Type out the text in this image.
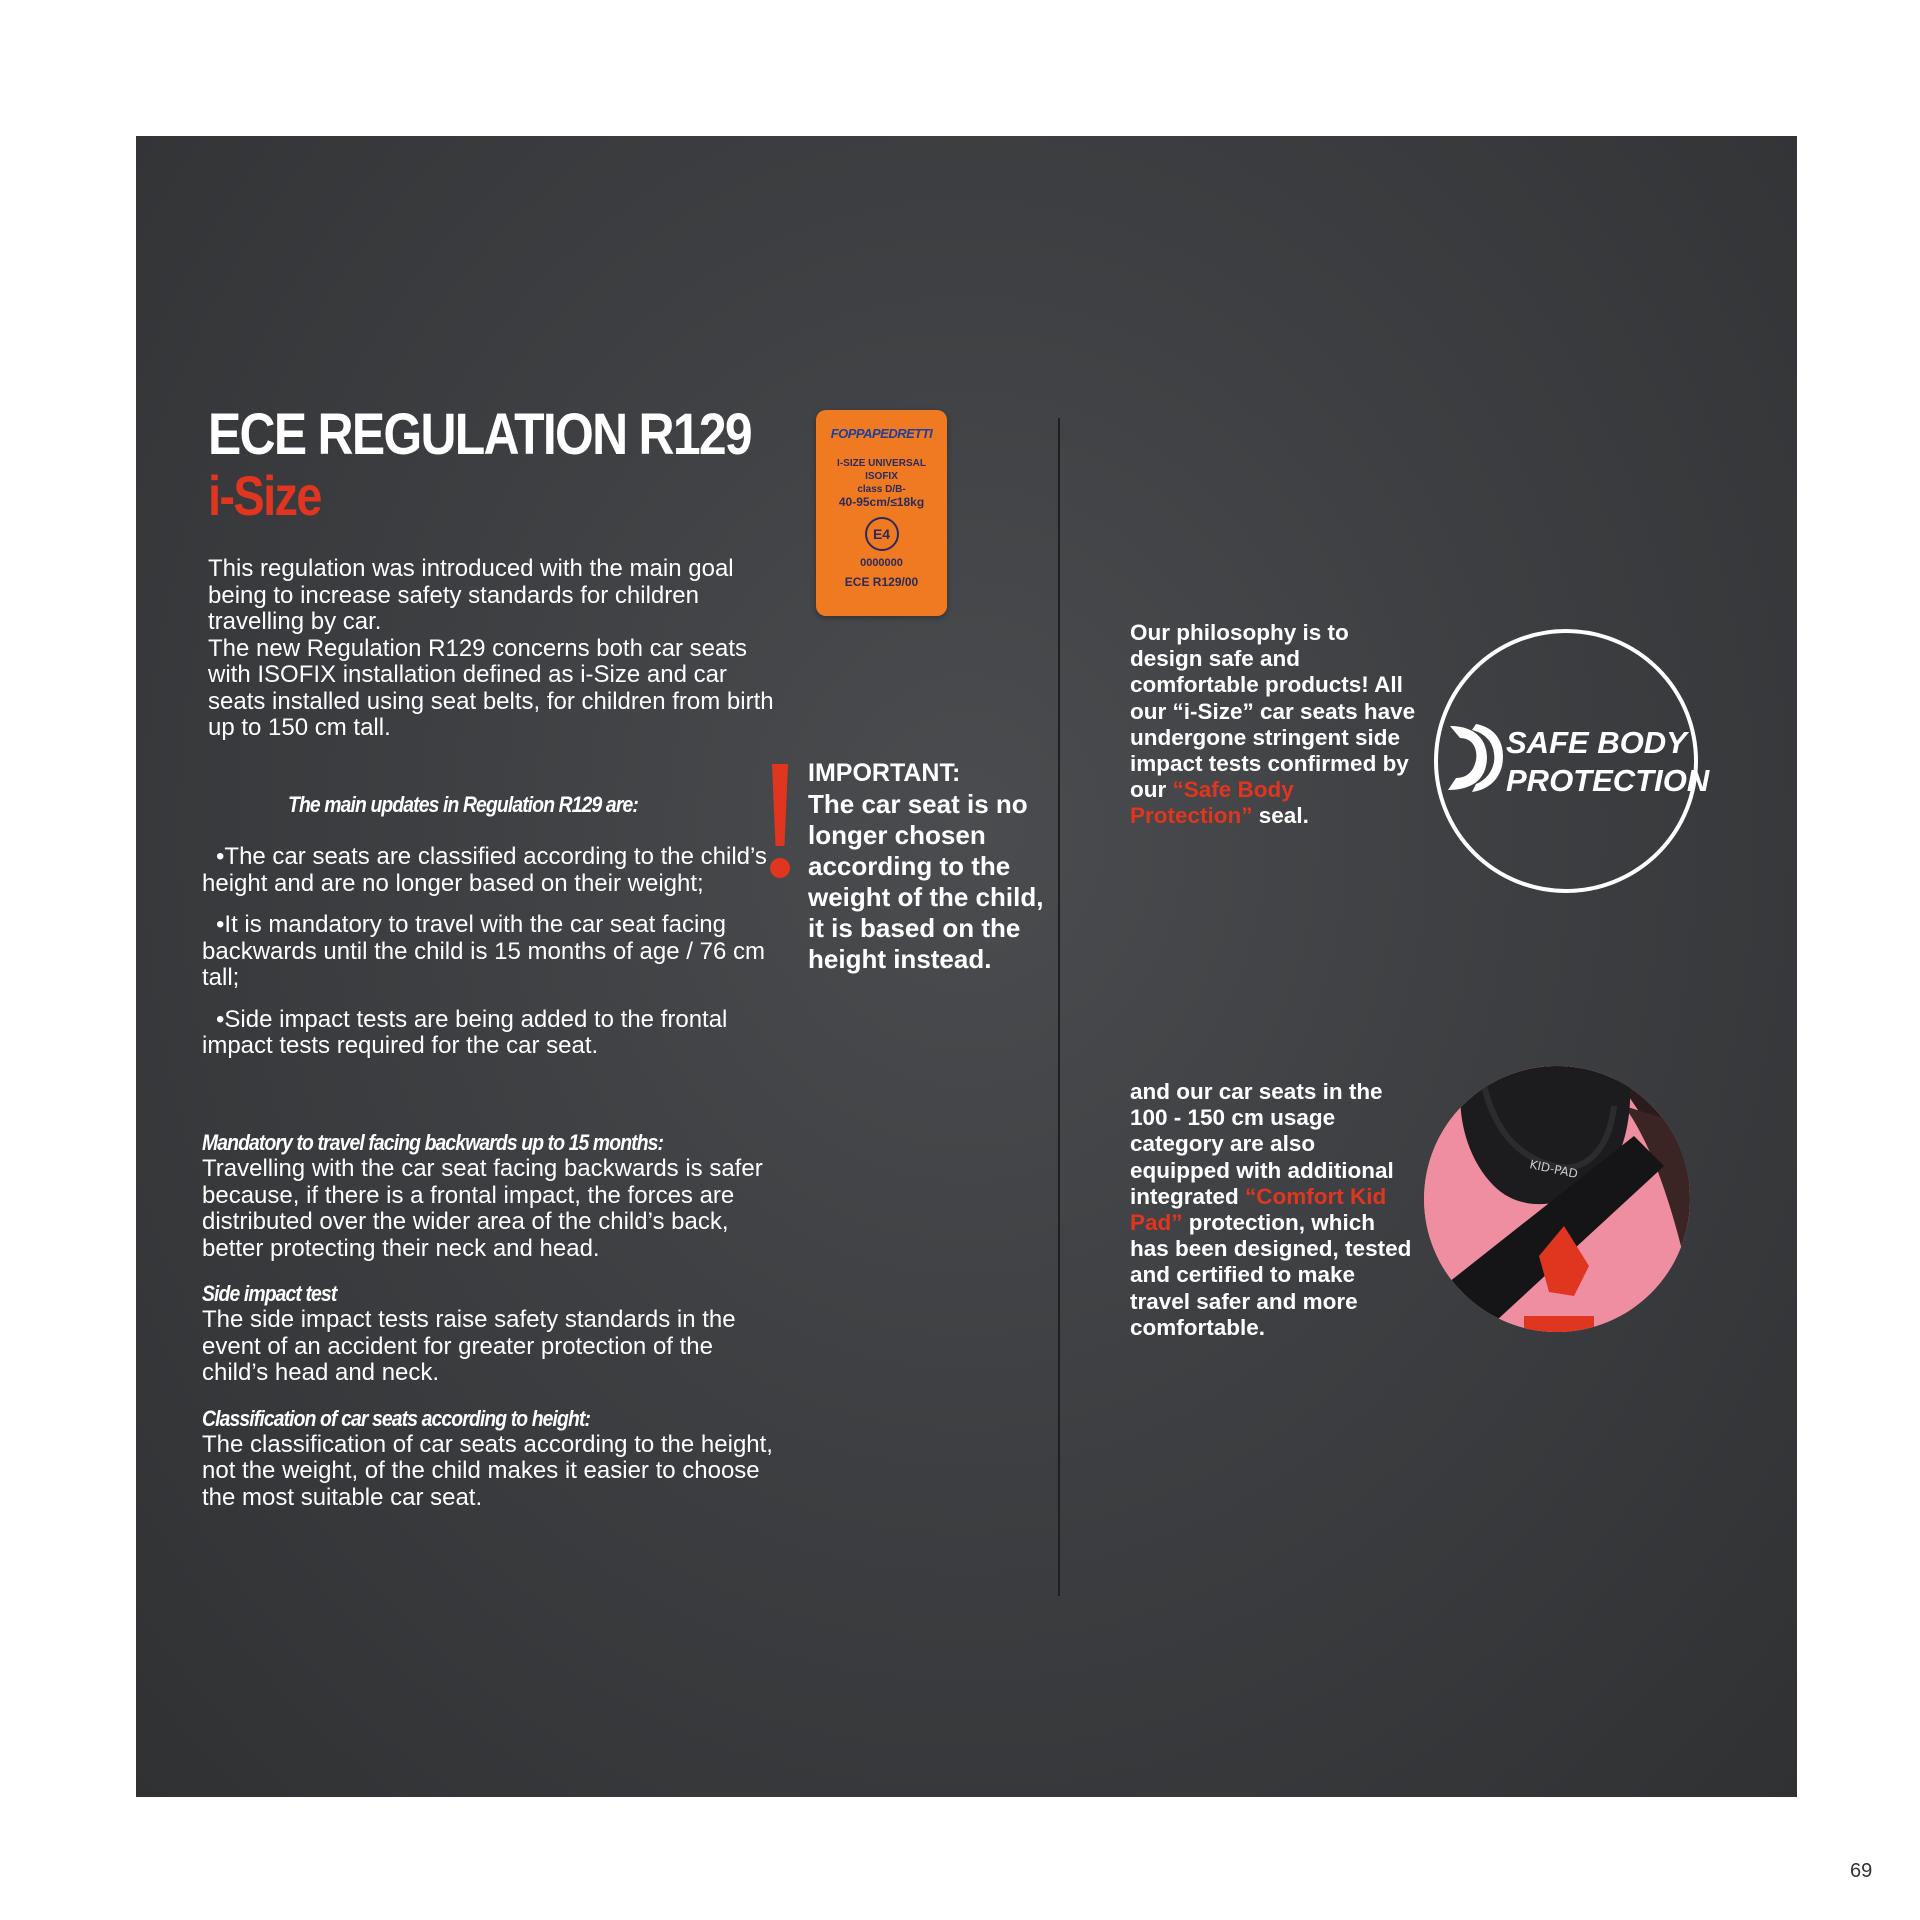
ECE REGULATION R129
i-Size

This regulation was introduced with the main goal being to increase safety standards for children travelling by car.

The new Regulation R129 concerns both car seats with ISOFIX installation defined as i-Size and car seats installed using seat belts, for children from birth up to 150 cm tall.

The main updates in Regulation R129 are:
•The car seats are classified according to the child’s height and are no longer based on their weight;
•It is mandatory to travel with the car seat facing backwards until the child is 15 months of age / 76 cm tall;
•Side impact tests are being added to the frontal impact tests required for the car seat.
Mandatory to travel facing backwards up to 15 months:

Travelling with the car seat facing backwards is safer because, if there is a frontal impact, the forces are distributed over the wider area of the child’s back, better protecting their neck and head.

Side impact test

The side impact tests raise safety standards in the event of an accident for greater protection of the child’s head and neck.

Classification of car seats according to height:

The classification of car seats according to the height, not the weight, of the child makes it easier to choose the most suitable car seat.

FOPPAPEDRETTI
I-SIZE UNIVERSAL
ISOFIX
class D/B-
40-95cm/≤18kg
E4
0000000
ECE R129/00
IMPORTANT:
The car seat is no longer chosen according to the weight of the child, it is based on the height instead.

Our philosophy is to design safe and comfortable products! All our “i-Size” car seats have undergone stringent side impact tests confirmed by our “Safe Body Protection” seal.

SAFE BODY
PROTECTION

and our car seats in the 100 - 150 cm usage category are also equipped with additional integrated “Comfort Kid Pad” protection, which has been designed, tested and certified to make travel safer and more comfortable.

KID-PAD
69
